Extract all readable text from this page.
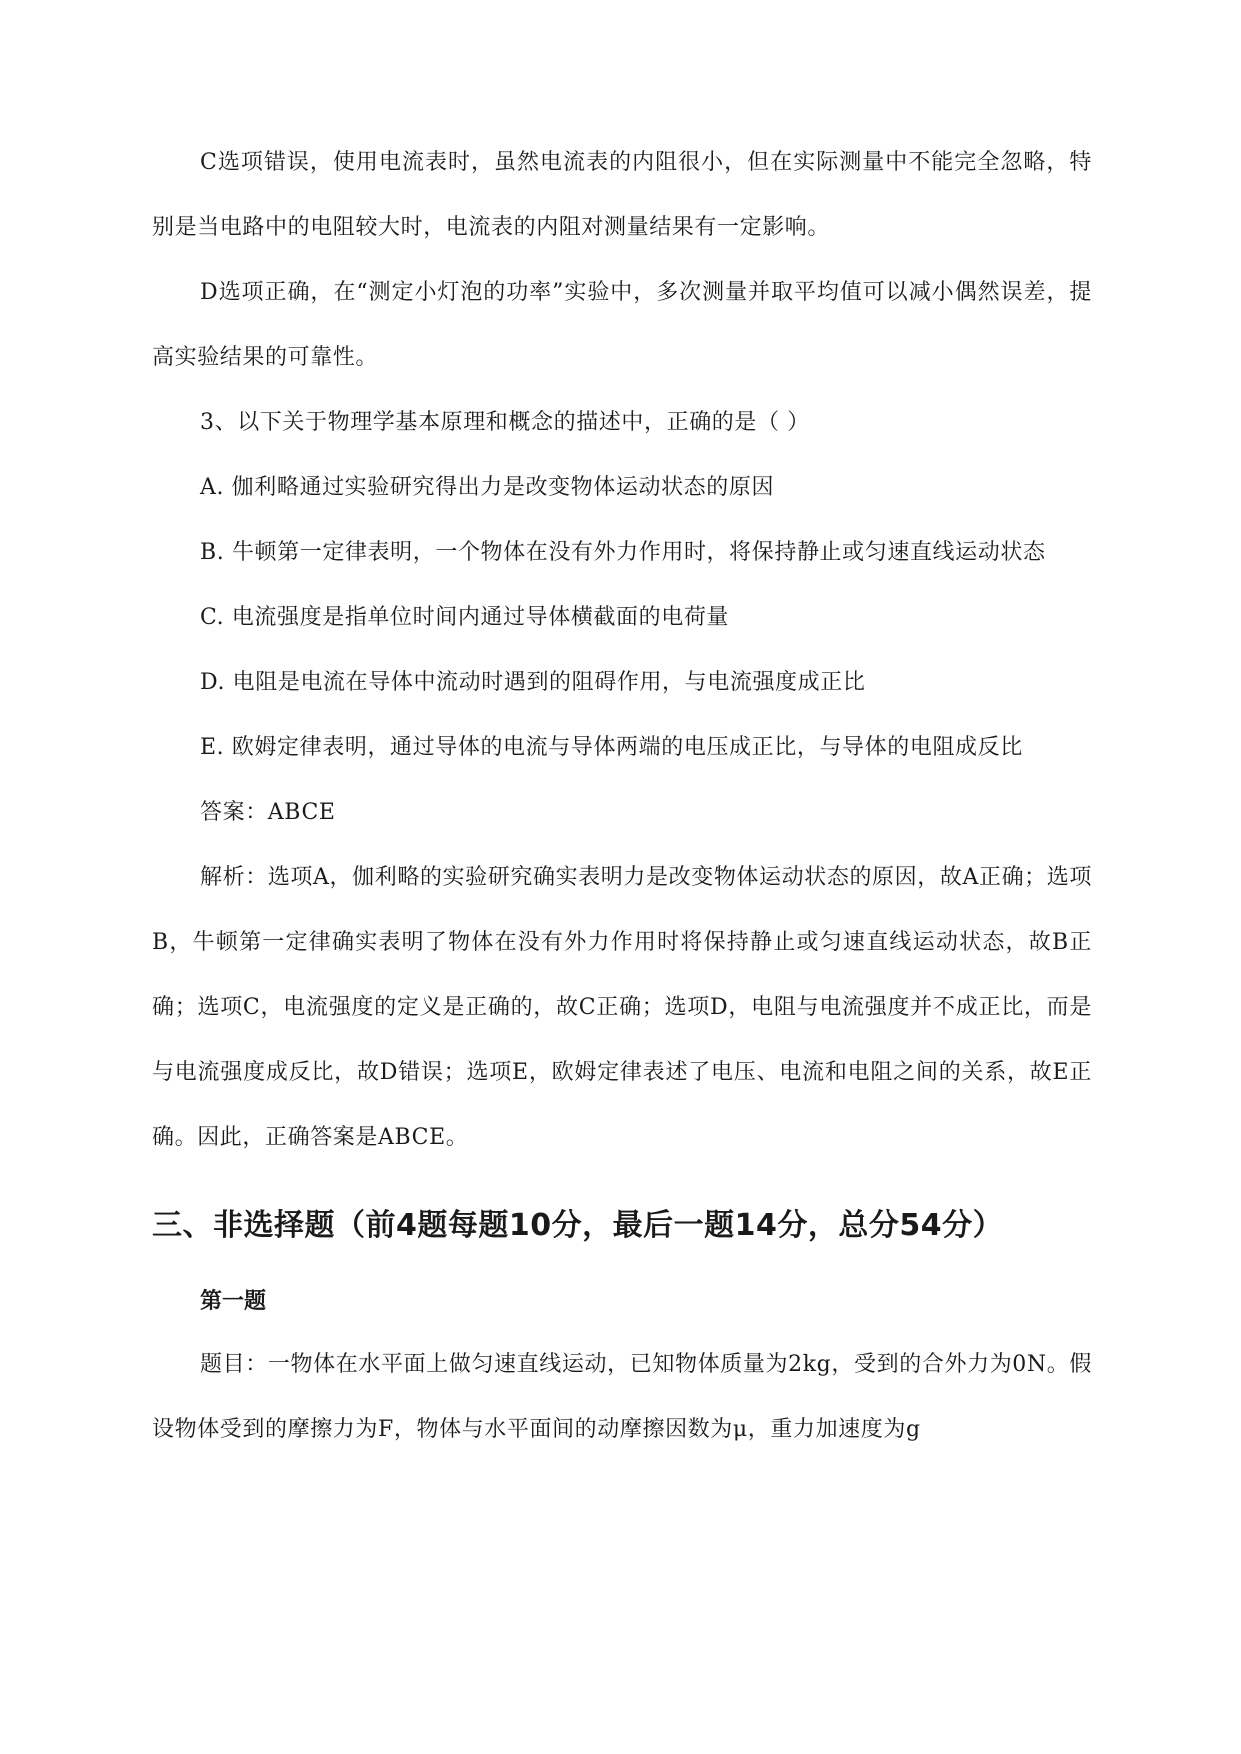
C选项错误，使用电流表时，虽然电流表的内阻很小，但在实际测量中不能完全忽略，特别是当电路中的电阻较大时，电流表的内阻对测量结果有一定影响。

D选项正确，在“测定小灯泡的功率”实验中，多次测量并取平均值可以减小偶然误差，提高实验结果的可靠性。

3、以下关于物理学基本原理和概念的描述中，正确的是（ ）

A. 伽利略通过实验研究得出力是改变物体运动状态的原因

B. 牛顿第一定律表明，一个物体在没有外力作用时，将保持静止或匀速直线运动状态

C. 电流强度是指单位时间内通过导体横截面的电荷量

D. 电阻是电流在导体中流动时遇到的阻碍作用，与电流强度成正比

E. 欧姆定律表明，通过导体的电流与导体两端的电压成正比，与导体的电阻成反比

答案：ABCE

解析：选项A，伽利略的实验研究确实表明力是改变物体运动状态的原因，故A正确；选项B，牛顿第一定律确实表明了物体在没有外力作用时将保持静止或匀速直线运动状态，故B正确；选项C，电流强度的定义是正确的，故C正确；选项D，电阻与电流强度并不成正比，而是与电流强度成反比，故D错误；选项E，欧姆定律表述了电压、电流和电阻之间的关系，故E正确。因此，正确答案是ABCE。

三、非选择题（前4题每题10分，最后一题14分，总分54分）
第一题

题目：一物体在水平面上做匀速直线运动，已知物体质量为2kg，受到的合外力为0N。假设物体受到的摩擦力为F，物体与水平面间的动摩擦因数为μ，重力加速度为g
